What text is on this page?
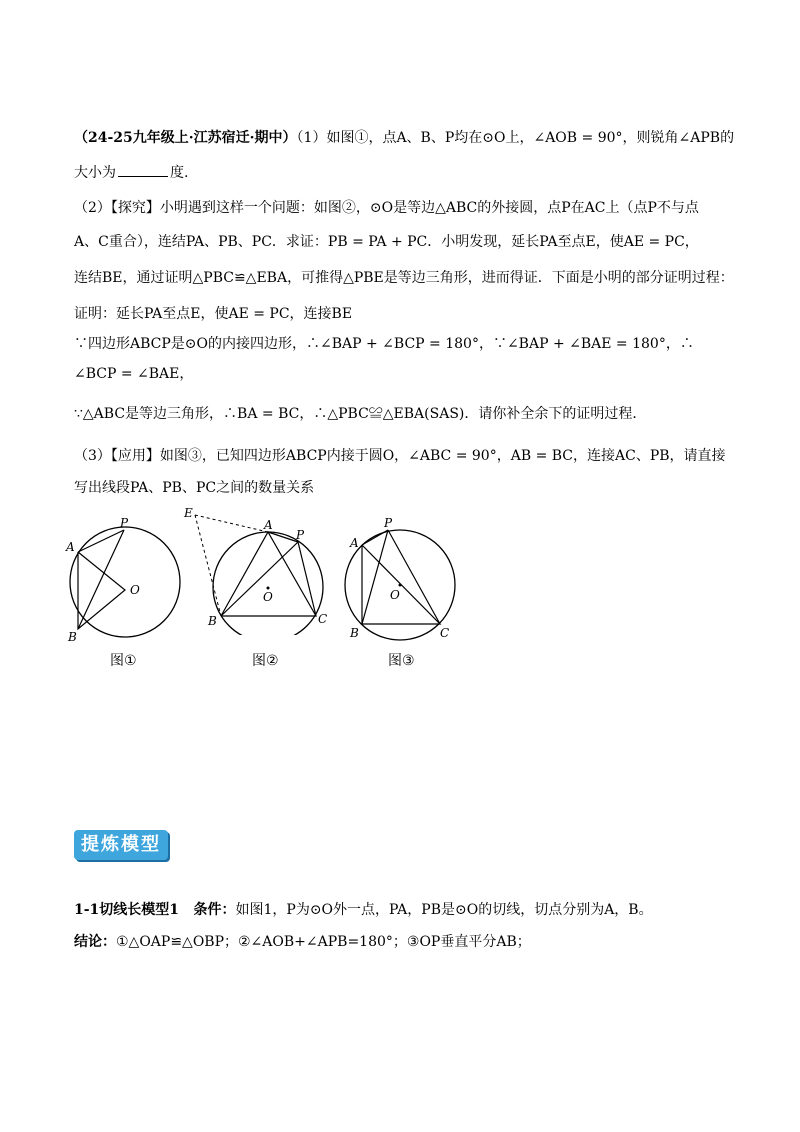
（24-25九年级上·江苏宿迁·期中）（1）如图①，点A、B、P均在⊙O上，∠AOB = 90°，则锐角∠APB的
大小为	度.
（2）【探究】小明遇到这样一个问题：如图②，⊙O是等边△ABC的外接圆，点P在AC上（点P不与点
A、C重合），连结PA、PB、PC．求证：PB = PA + PC．小明发现，延长PA至点E，使AE = PC，
连结BE，通过证明△PBC≌△EBA，可推得△PBE是等边三角形，进而得证．下面是小明的部分证明过程：
证明：延长PA至点E，使AE = PC，连接BE
∵四边形ABCP是⊙O的内接四边形，∴∠BAP + ∠BCP = 180°，∵∠BAP + ∠BAE = 180°，∴
∠BCP = ∠BAE，
∵△ABC是等边三角形，∴BA = BC，∴△PBC≌△EBA(SAS)．请你补全余下的证明过程．
（3）【应用】如图③，已知四边形ABCP内接于圆O，∠ABC = 90°，AB = BC，连接AC、PB，请直接
写出线段PA、PB、PC之间的数量关系
A
P
O
B
图①
E
A
P
O
B	C
图②
A
P
O
B	C
图③
提炼模型
1-1切线长模型1 条件：如图1，P为⊙O外一点，PA，PB是⊙O的切线，切点分别为A，B。
结论：①△OAP≌△OBP；②∠AOB+∠APB=180°；③OP垂直平分AB；
